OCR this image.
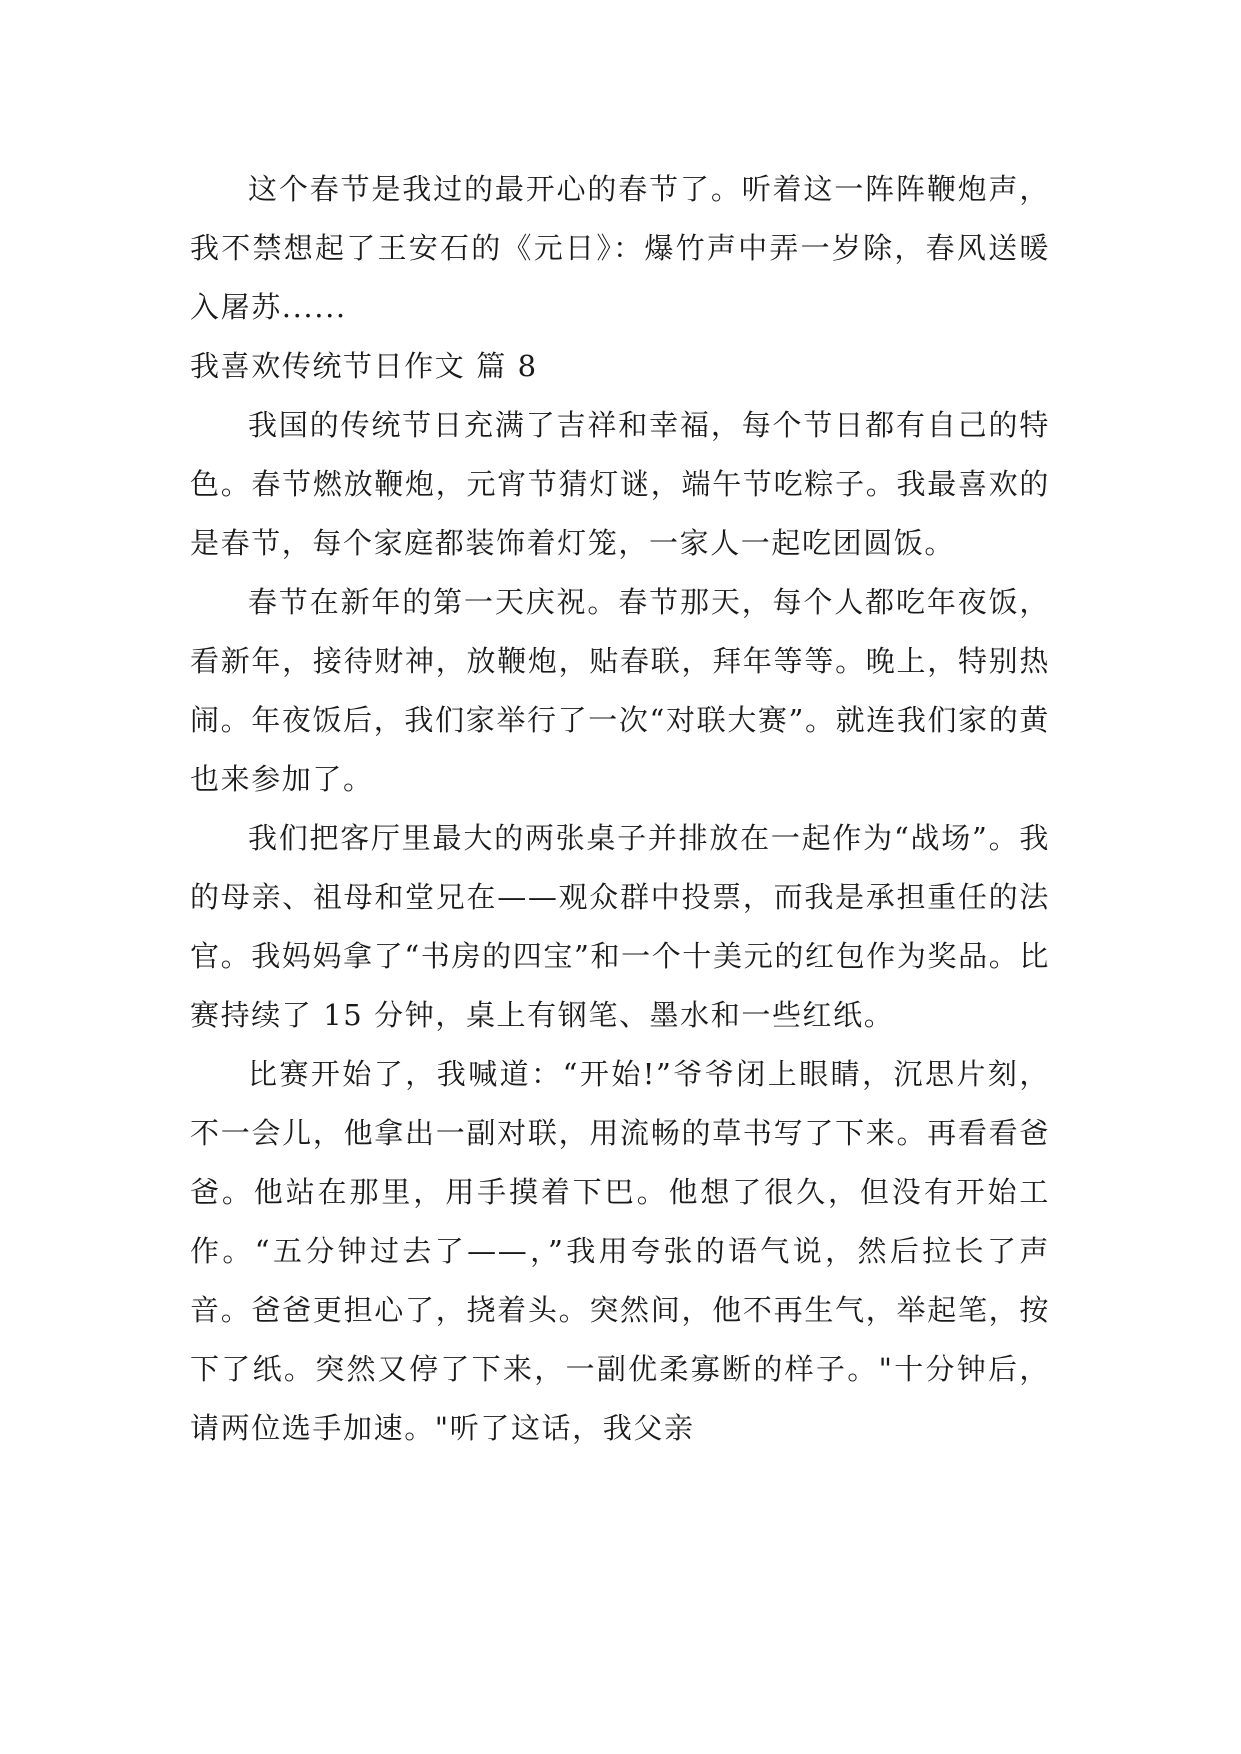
这个春节是我过的最开心的春节了。听着这一阵阵鞭炮声，我不禁想起了王安石的《元日》：爆竹声中弄一岁除，春风送暖入屠苏......

我喜欢传统节日作文 篇 8

我国的传统节日充满了吉祥和幸福，每个节日都有自己的特色。春节燃放鞭炮，元宵节猜灯谜，端午节吃粽子。我最喜欢的是春节，每个家庭都装饰着灯笼，一家人一起吃团圆饭。

春节在新年的第一天庆祝。春节那天，每个人都吃年夜饭，看新年，接待财神，放鞭炮，贴春联，拜年等等。晚上，特别热闹。年夜饭后，我们家举行了一次“对联大赛”。就连我们家的黄也来参加了。

我们把客厅里最大的两张桌子并排放在一起作为“战场”。我的母亲、祖母和堂兄在——观众群中投票，而我是承担重任的法官。我妈妈拿了“书房的四宝”和一个十美元的红包作为奖品。比赛持续了 15 分钟，桌上有钢笔、墨水和一些红纸。

比赛开始了，我喊道：“开始!”爷爷闭上眼睛，沉思片刻，不一会儿，他拿出一副对联，用流畅的草书写了下来。再看看爸爸。他站在那里，用手摸着下巴。他想了很久，但没有开始工作。“五分钟过去了——，”我用夸张的语气说，然后拉长了声音。爸爸更担心了，挠着头。突然间，他不再生气，举起笔，按下了纸。突然又停了下来，一副优柔寡断的样子。"十分钟后，请两位选手加速。"听了这话，我父亲
